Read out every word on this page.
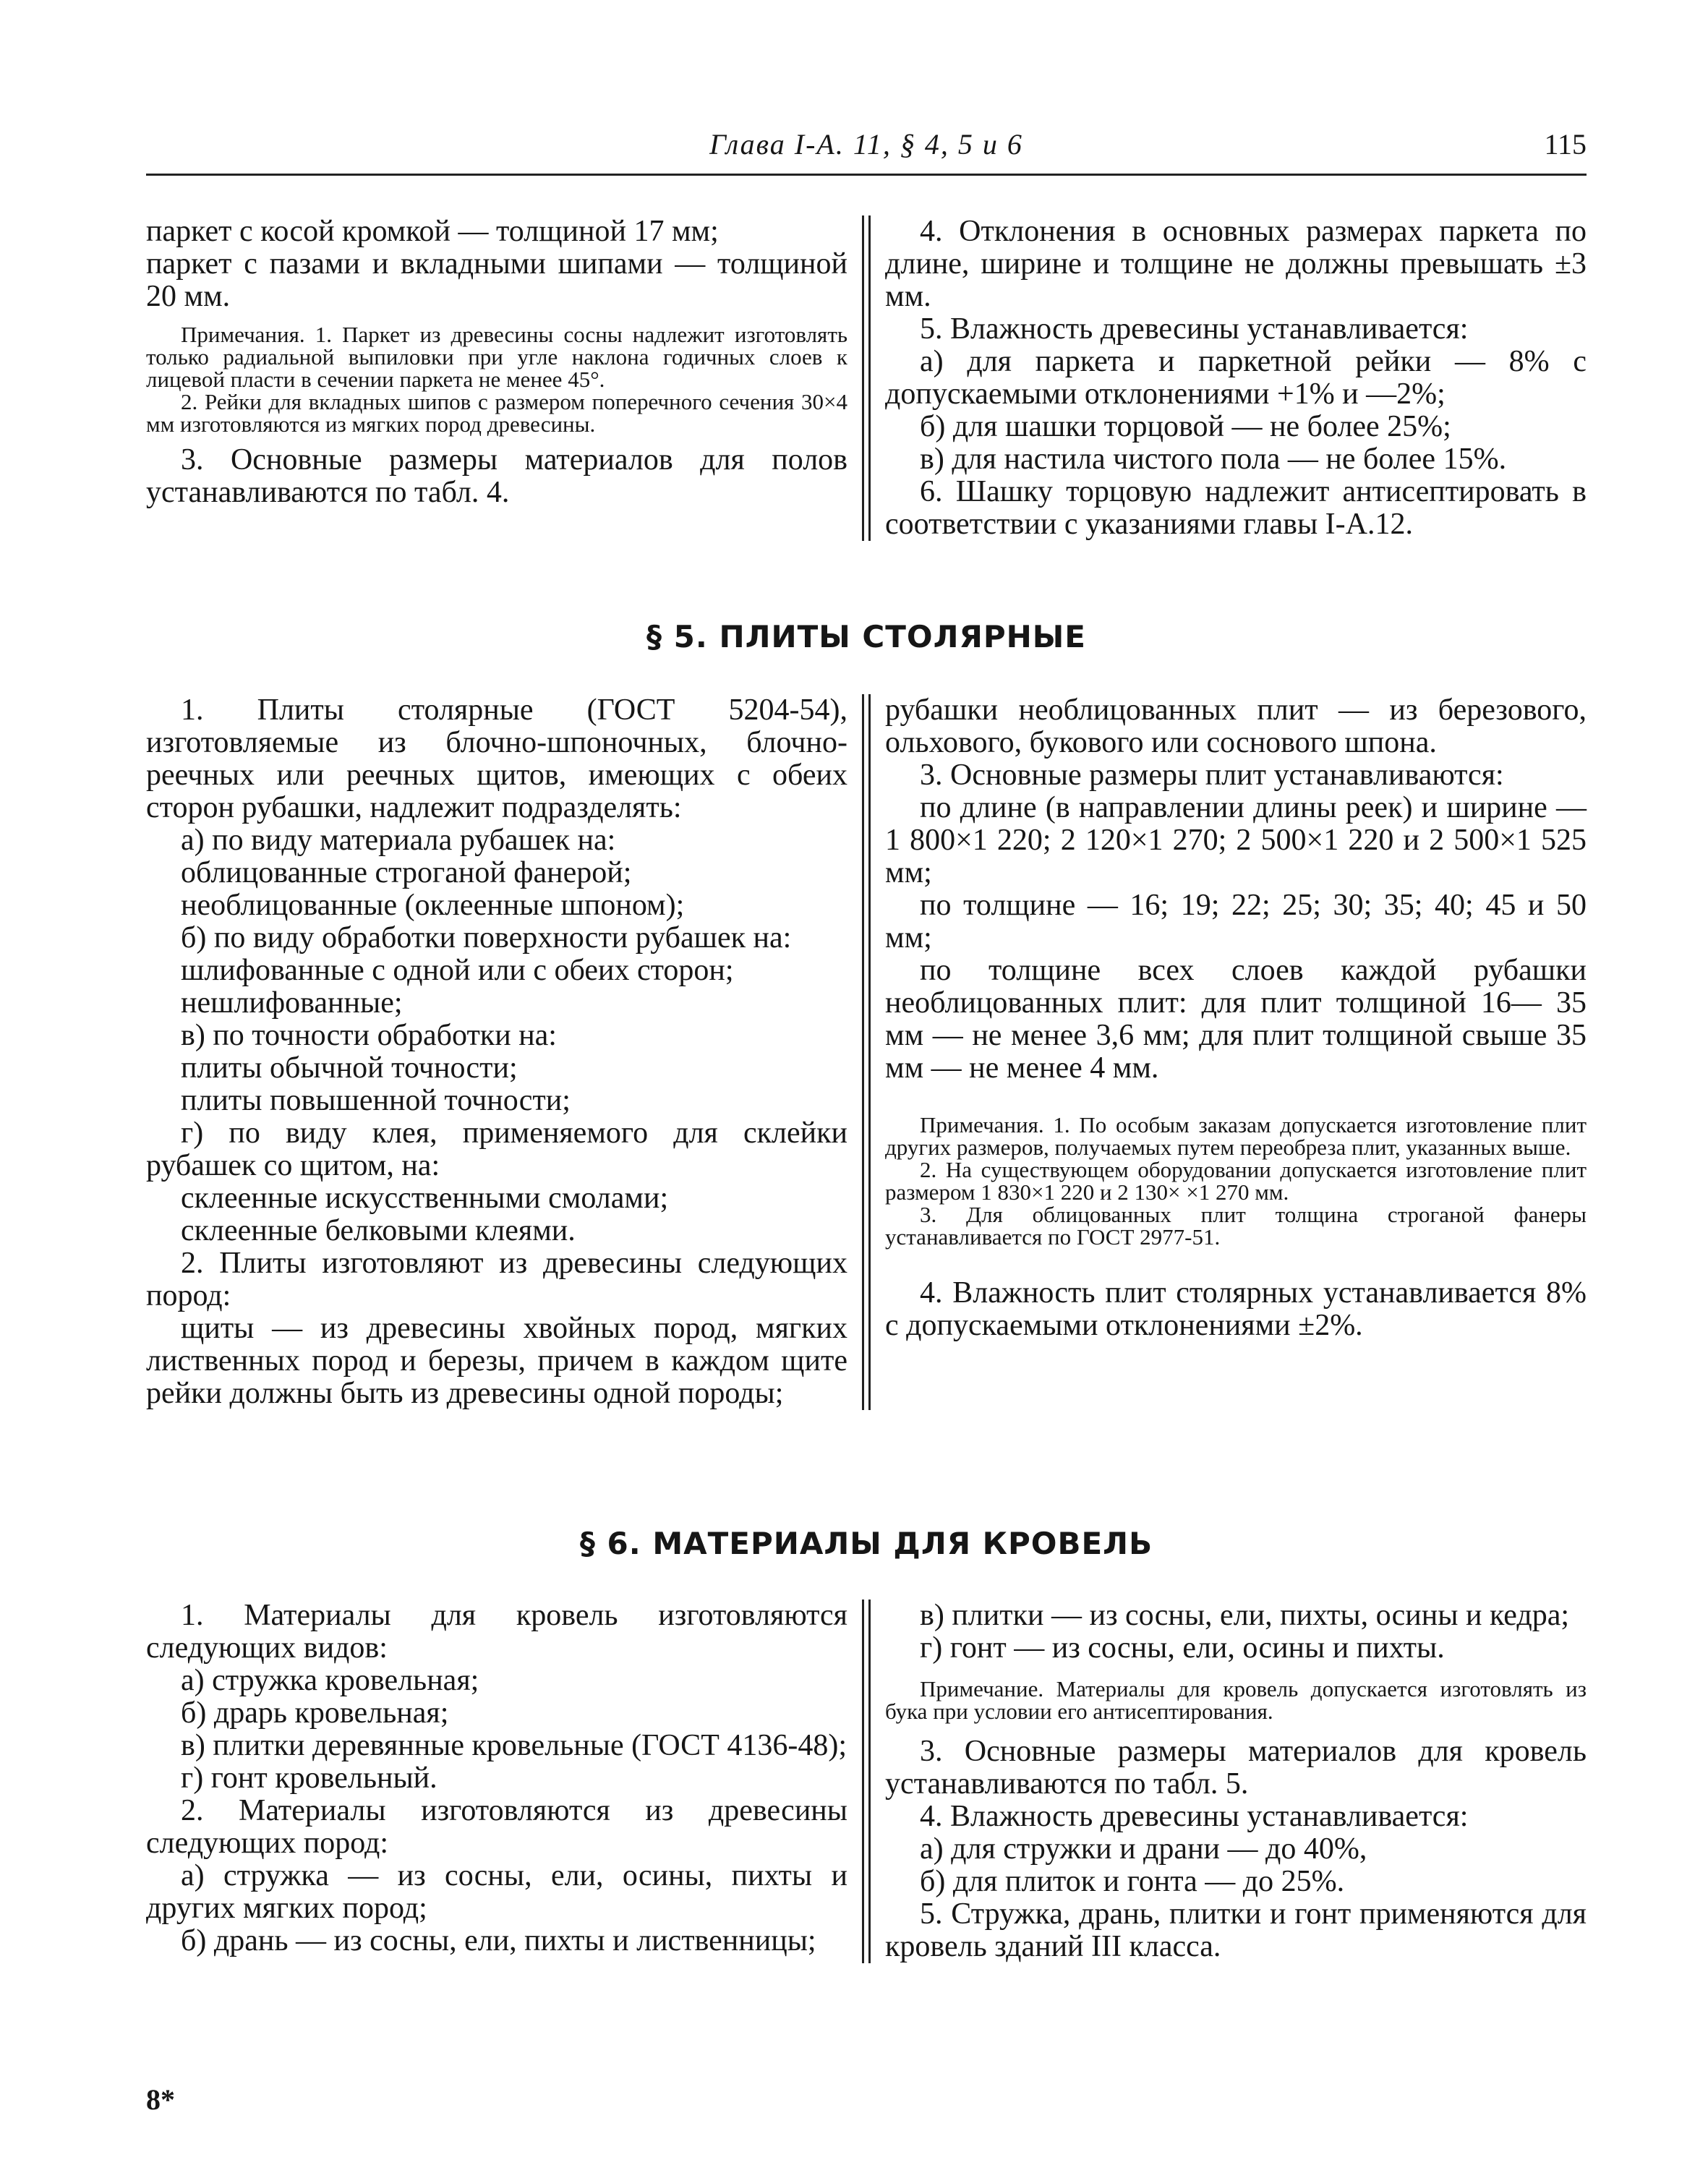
Глава I-А. 11, § 4, 5 и 6	115

паркет с косой кромкой — толщиной 17 мм;

паркет с пазами и вкладными шипами — толщиной 20 мм.

Примечания. 1. Паркет из древесины сосны надлежит изготовлять только радиальной выпиловки при угле наклона годичных слоев к лицевой пласти в сечении паркета не менее 45°.

2. Рейки для вкладных шипов с размером поперечного сечения 30×4 мм изготовляются из мягких пород древесины.

3. Основные размеры материалов для полов устанавливаются по табл. 4.

4. Отклонения в основных размерах паркета по длине, ширине и толщине не должны превышать ±3 мм.

5. Влажность древесины устанавливается:

а) для паркета и паркетной рейки — 8% с допускаемыми отклонениями +1% и —2%;

б) для шашки торцовой — не более 25%;

в) для настила чистого пола — не более 15%.

6. Шашку торцовую надлежит антисептировать в соответствии с указаниями главы I-А.12.

§ 5. ПЛИТЫ СТОЛЯРНЫЕ

1. Плиты столярные (ГОСТ 5204-54), изготовляемые из блочно-шпоночных, блочно-реечных или реечных щитов, имеющих с обеих сторон рубашки, надлежит подразделять:

а) по виду материала рубашек на:

облицованные строганой фанерой;

необлицованные (оклеенные шпоном);

б) по виду обработки поверхности рубашек на:

шлифованные с одной или с обеих сторон;

нешлифованные;

в) по точности обработки на:

плиты обычной точности;

плиты повышенной точности;

г) по виду клея, применяемого для склейки рубашек со щитом, на:

склеенные искусственными смолами;

склеенные белковыми клеями.

2. Плиты изготовляют из древесины следующих пород:

щиты — из древесины хвойных пород, мягких лиственных пород и березы, причем в каждом щите рейки должны быть из древесины одной породы;

рубашки необлицованных плит — из березового, ольхового, букового или соснового шпона.

3. Основные размеры плит устанавливаются:

по длине (в направлении длины реек) и ширине — 1 800×1 220; 2 120×1 270; 2 500×1 220 и 2 500×1 525 мм;

по толщине — 16; 19; 22; 25; 30; 35; 40; 45 и 50 мм;

по толщине всех слоев каждой рубашки необлицованных плит: для плит толщиной 16— 35 мм — не менее 3,6 мм; для плит толщиной свыше 35 мм — не менее 4 мм.

Примечания. 1. По особым заказам допускается изготовление плит других размеров, получаемых путем переобреза плит, указанных выше.

2. На существующем оборудовании допускается изготовление плит размером 1 830×1 220 и 2 130× ×1 270 мм.

3. Для облицованных плит толщина строганой фанеры устанавливается по ГОСТ 2977-51.

4. Влажность плит столярных устанавливается 8% с допускаемыми отклонениями ±2%.

§ 6. МАТЕРИАЛЫ ДЛЯ КРОВЕЛЬ

1. Материалы для кровель изготовляются следующих видов:

а) стружка кровельная;

б) драрь кровельная;

в) плитки деревянные кровельные (ГОСТ 4136-48);

г) гонт кровельный.

2. Материалы изготовляются из древесины следующих пород:

а) стружка — из сосны, ели, осины, пихты и других мягких пород;

б) дрань — из сосны, ели, пихты и лиственницы;

в) плитки — из сосны, ели, пихты, осины и кедра;

г) гонт — из сосны, ели, осины и пихты.

Примечание. Материалы для кровель допускается изготовлять из бука при условии его антисептирования.

3. Основные размеры материалов для кровель устанавливаются по табл. 5.

4. Влажность древесины устанавливается:

а) для стружки и драни — до 40%,

б) для плиток и гонта — до 25%.

5. Стружка, дрань, плитки и гонт применяются для кровель зданий III класса.

8*
